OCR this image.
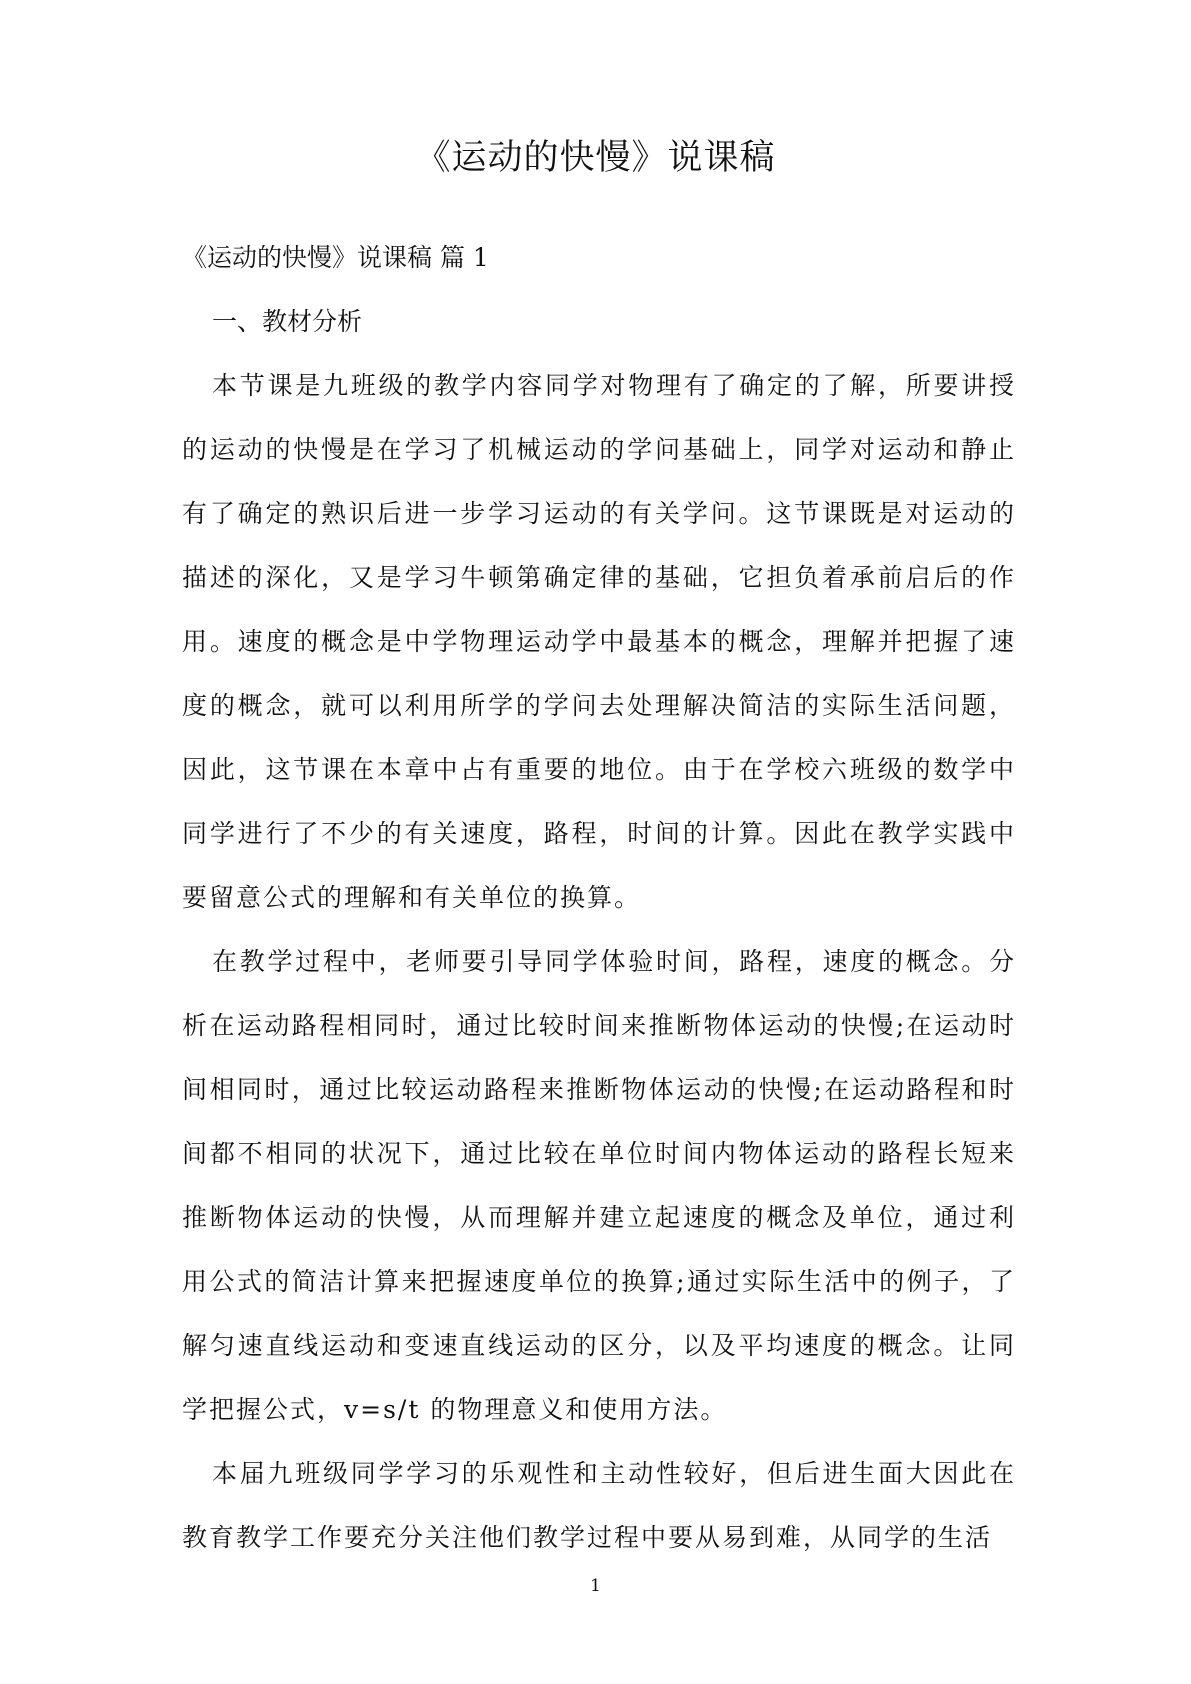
《运动的快慢》说课稿
《运动的快慢》说课稿 篇 1
一、教材分析

本节课是九班级的教学内容同学对物理有了确定的了解，所要讲授的运动的快慢是在学习了机械运动的学问基础上，同学对运动和静止有了确定的熟识后进一步学习运动的有关学问。这节课既是对运动的描述的深化，又是学习牛顿第确定律的基础，它担负着承前启后的作用。速度的概念是中学物理运动学中最基本的概念，理解并把握了速度的概念，就可以利用所学的学问去处理解决简洁的实际生活问题，因此，这节课在本章中占有重要的地位。由于在学校六班级的数学中同学进行了不少的有关速度，路程，时间的计算。因此在教学实践中要留意公式的理解和有关单位的换算。

在教学过程中，老师要引导同学体验时间，路程，速度的概念。分析在运动路程相同时，通过比较时间来推断物体运动的快慢;在运动时间相同时，通过比较运动路程来推断物体运动的快慢;在运动路程和时间都不相同的状况下，通过比较在单位时间内物体运动的路程长短来推断物体运动的快慢，从而理解并建立起速度的概念及单位，通过利用公式的简洁计算来把握速度单位的换算;通过实际生活中的例子，了解匀速直线运动和变速直线运动的区分，以及平均速度的概念。让同学把握公式，v=s/t 的物理意义和使用方法。

本届九班级同学学习的乐观性和主动性较好，但后进生面大因此在教育教学工作要充分关注他们教学过程中要从易到难，从同学的生活

1
